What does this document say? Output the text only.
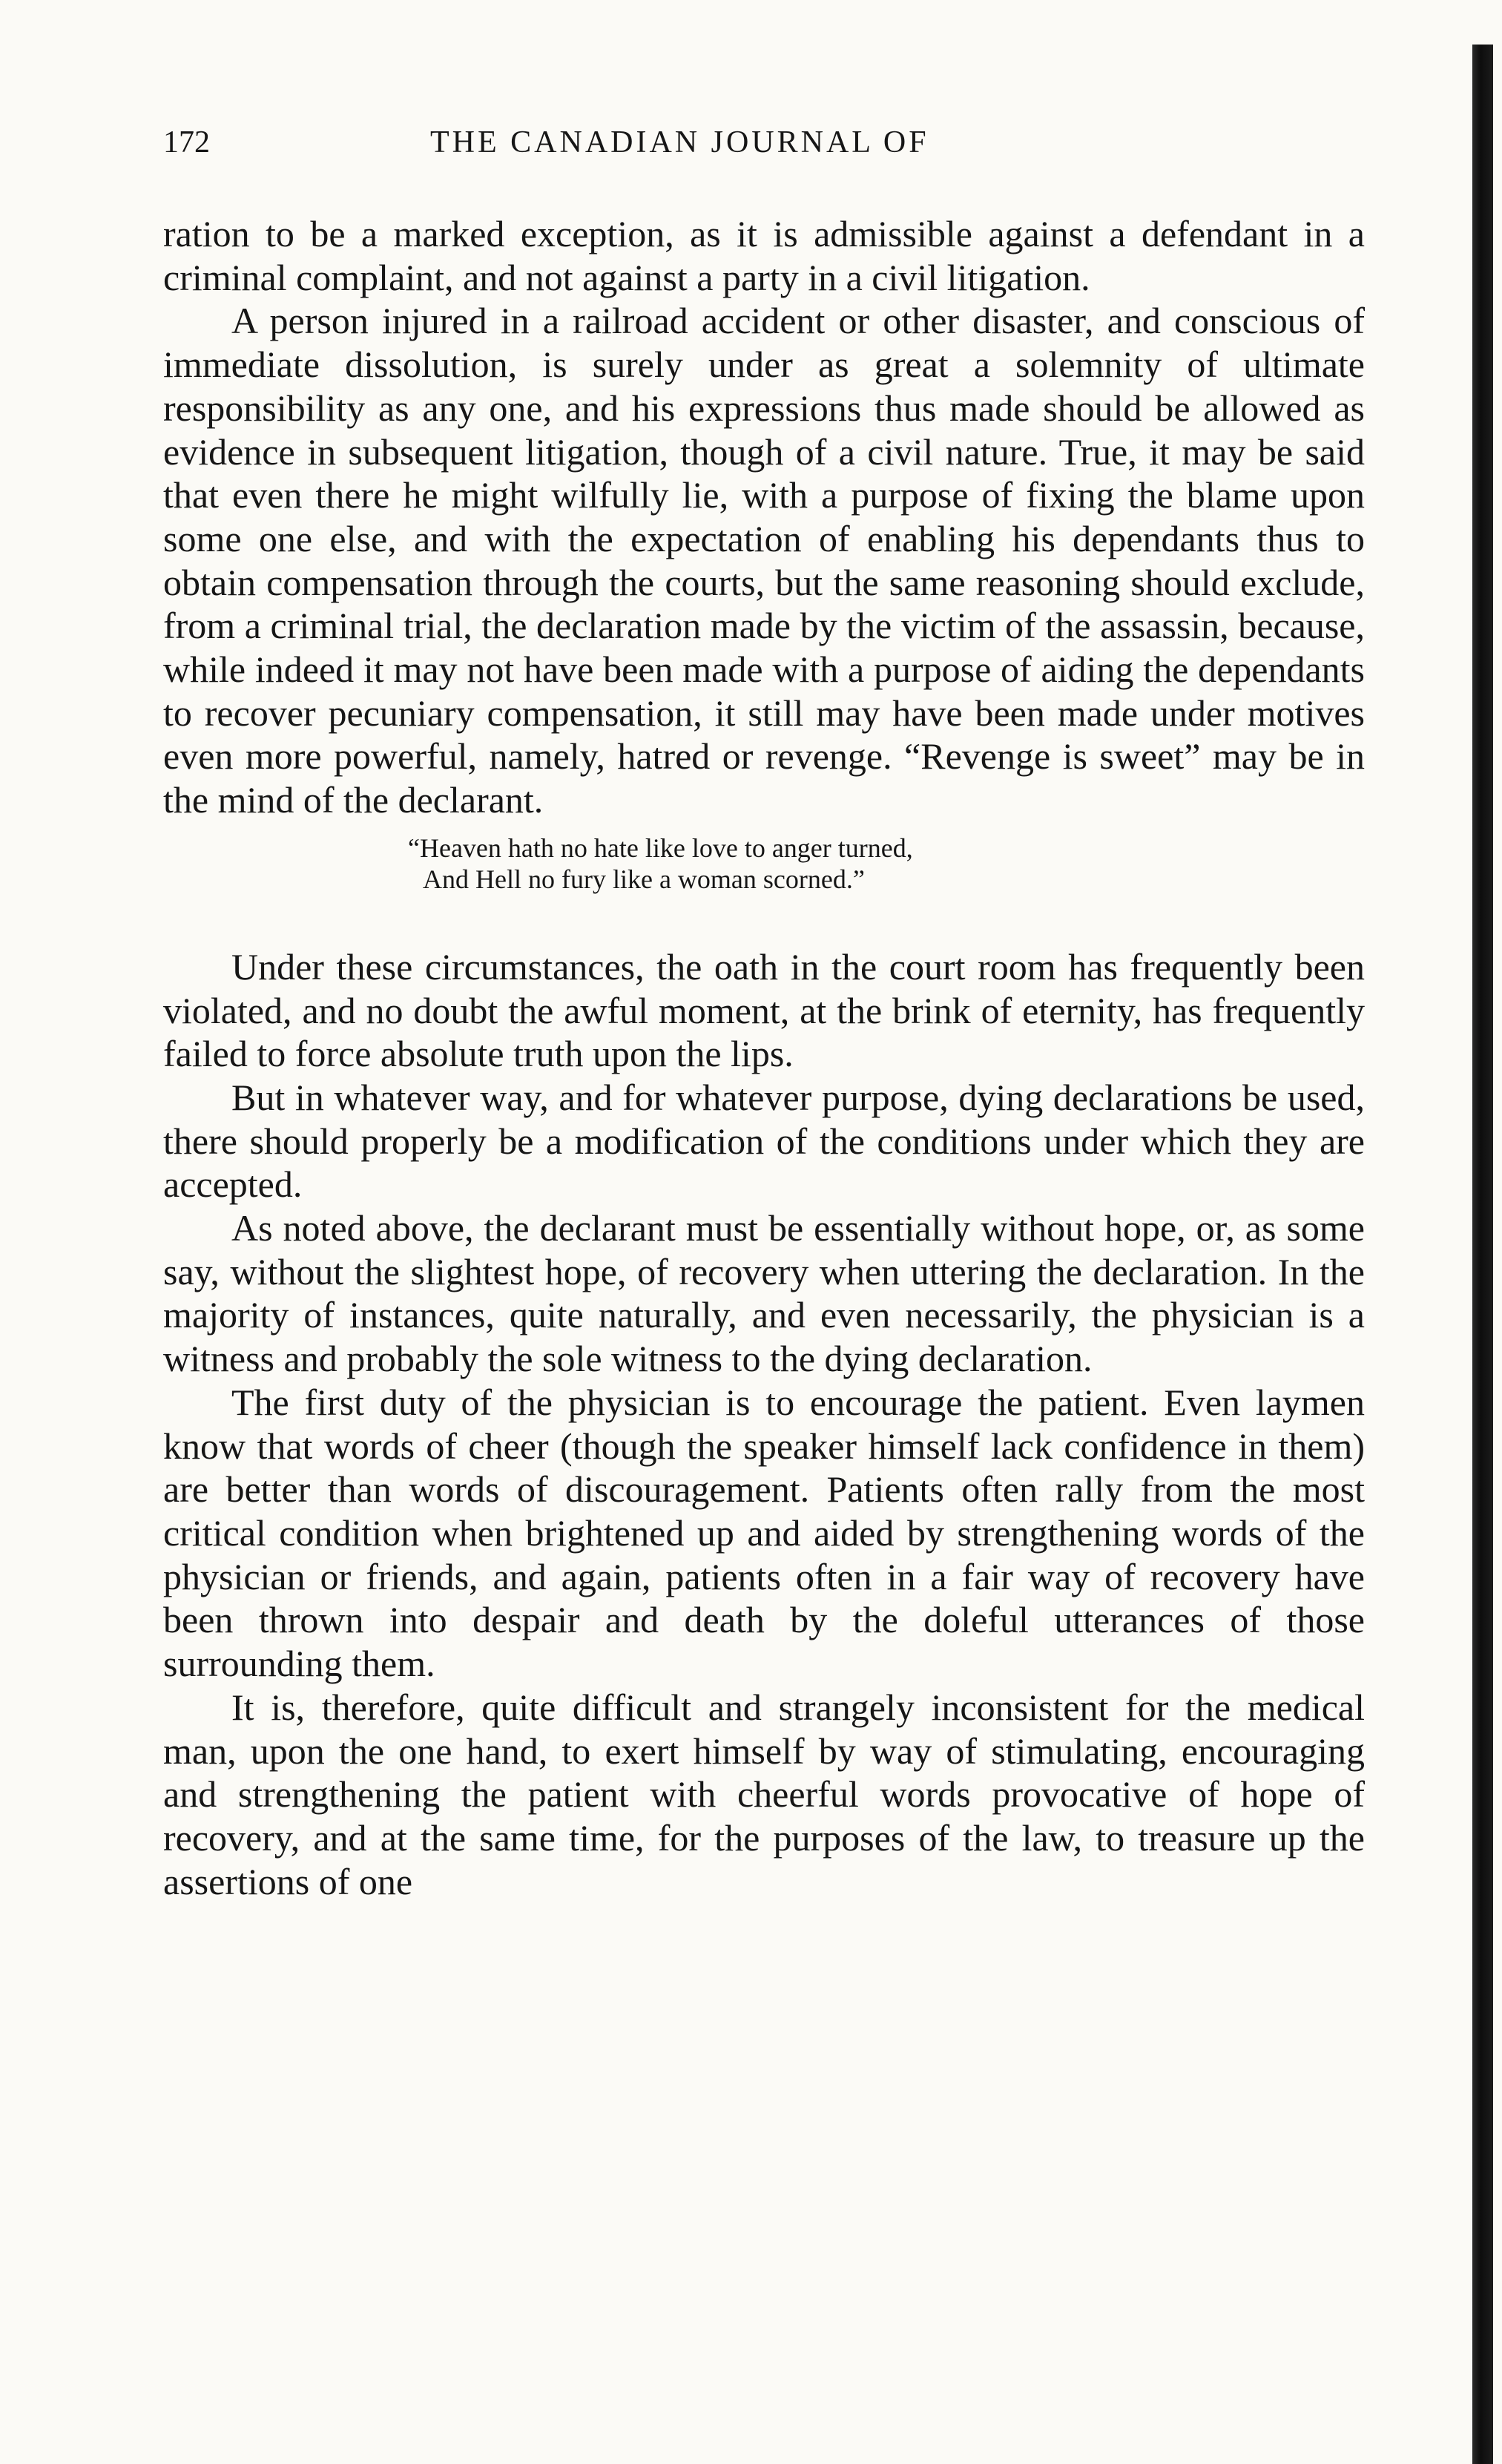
172	THE CANADIAN JOURNAL OF

ration to be a marked exception, as it is admissible against a defendant in a criminal complaint, and not against a party in a civil litigation.

A person injured in a railroad accident or other disaster, and conscious of immediate dissolution, is surely under as great a solemnity of ultimate responsibility as any one, and his expressions thus made should be allowed as evidence in subsequent litigation, though of a civil nature. True, it may be said that even there he might wilfully lie, with a purpose of fixing the blame upon some one else, and with the expectation of enabling his dependants thus to obtain compensation through the courts, but the same reasoning should exclude, from a criminal trial, the declaration made by the victim of the assassin, because, while indeed it may not have been made with a purpose of aiding the dependants to recover pecuniary compensation, it still may have been made under motives even more powerful, namely, hatred or revenge. “Revenge is sweet” may be in the mind of the declarant.

“Heaven hath no hate like love to anger turned,
And Hell no fury like a woman scorned.”

Under these circumstances, the oath in the court room has frequently been violated, and no doubt the awful moment, at the brink of eternity, has frequently failed to force absolute truth upon the lips.

But in whatever way, and for whatever purpose, dying declarations be used, there should properly be a modification of the conditions under which they are accepted.

As noted above, the declarant must be essentially without hope, or, as some say, without the slightest hope, of recovery when uttering the declaration. In the majority of instances, quite naturally, and even necessarily, the physician is a witness and probably the sole witness to the dying declaration.

The first duty of the physician is to encourage the patient. Even laymen know that words of cheer (though the speaker himself lack confidence in them) are better than words of discouragement. Patients often rally from the most critical condition when brightened up and aided by strengthening words of the physician or friends, and again, patients often in a fair way of recovery have been thrown into despair and death by the doleful utterances of those surrounding them.

It is, therefore, quite difficult and strangely inconsistent for the medical man, upon the one hand, to exert himself by way of stimulating, encouraging and strengthening the patient with cheerful words provocative of hope of recovery, and at the same time, for the purposes of the law, to treasure up the assertions of one
